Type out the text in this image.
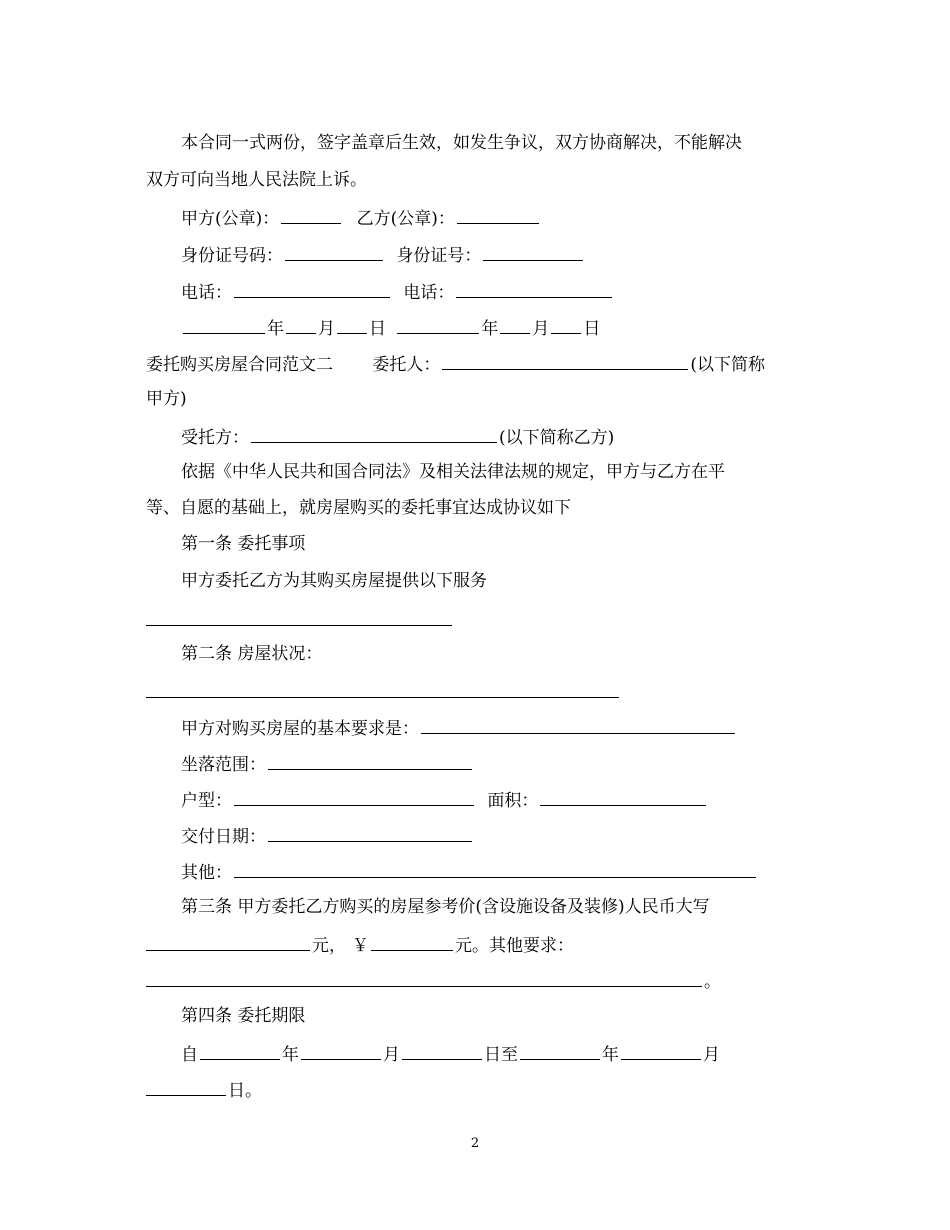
本合同一式两份，签字盖章后生效，如发生争议，双方协商解决，不能解决
双方可向当地人民法院上诉。
甲方(公章)：	乙方(公章)：
身份证号码：	身份证号：
电话：	电话：
年 月 日	年 月 日
委托购买房屋合同范文二 委托人：	(以下简称
甲方)
受托方：	(以下简称乙方)
依据《中华人民共和国合同法》及相关法律法规的规定，甲方与乙方在平
等、自愿的基础上，就房屋购买的委托事宜达成协议如下
第一条 委托事项
甲方委托乙方为其购买房屋提供以下服务
第二条 房屋状况：
甲方对购买房屋的基本要求是：
坐落范围：
户型：	面积：
交付日期：
其他：
第三条 甲方委托乙方购买的房屋参考价(含设施设备及装修)人民币大写
元， ￥	元。其他要求：
。
第四条 委托期限
自	年	月	日至	年	月
日。
2
